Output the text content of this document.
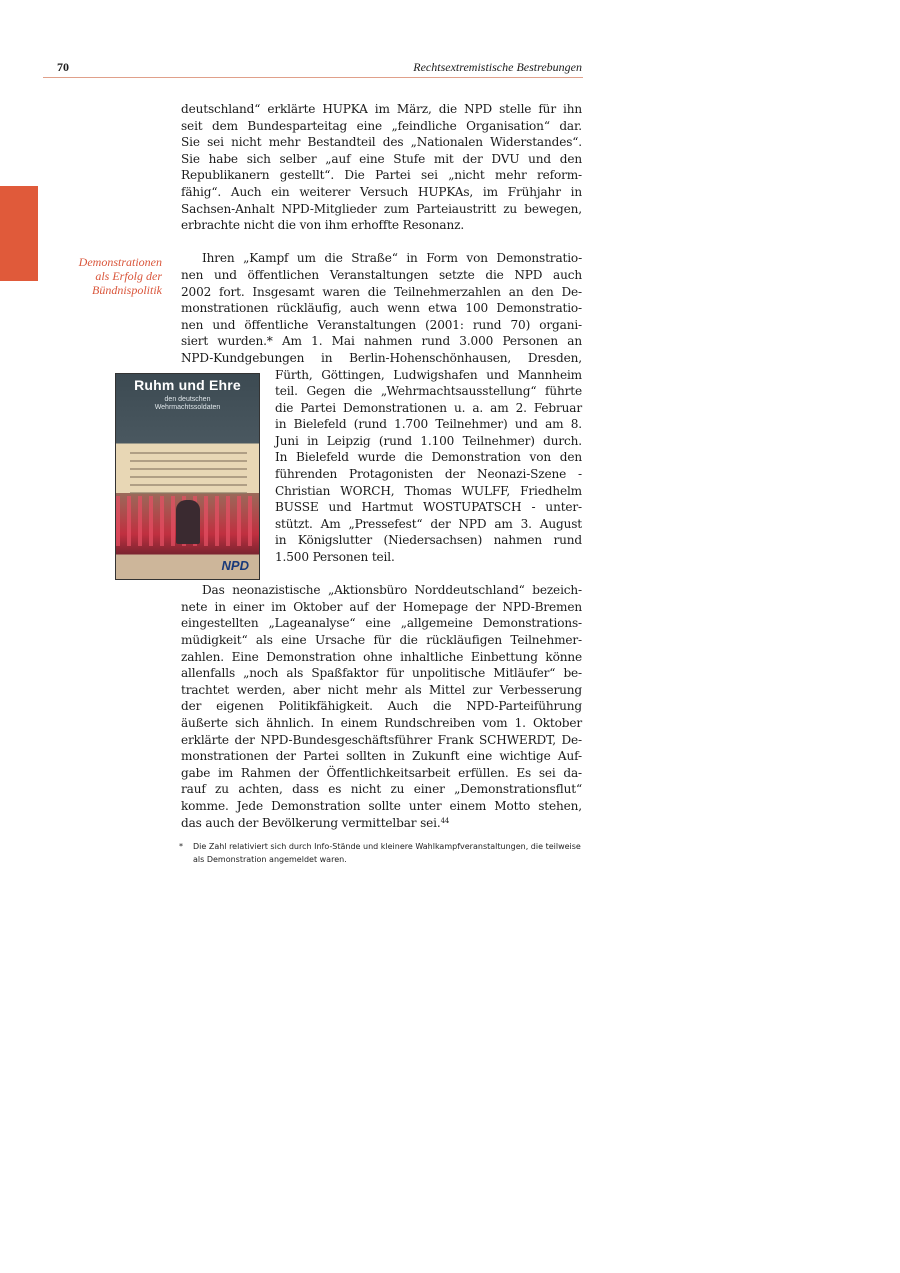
70	Rechtsextremistische Bestrebungen
Demonstrationen
als Erfolg der
Bündnispolitik
Ruhm und Ehre
den deutschen
Wehrmachtssoldaten
NPD
deutschland“ erklärte HUPKA im März, die NPD stelle für ihn
seit dem Bundesparteitag eine „feindliche Organisation“ dar.
Sie sei nicht mehr Bestandteil des „Nationalen Widerstandes“.
Sie habe sich selber „auf eine Stufe mit der DVU und den
Republikanern gestellt“. Die Partei sei „nicht mehr reform-
fähig“. Auch ein weiterer Versuch HUPKAs, im Frühjahr in
Sachsen-Anhalt NPD-Mitglieder zum Parteiaustritt zu bewegen,
erbrachte nicht die von ihm erhoffte Resonanz.
Ihren „Kampf um die Straße“ in Form von Demonstratio-
nen und öffentlichen Veranstaltungen setzte die NPD auch
2002 fort. Insgesamt waren die Teilnehmerzahlen an den De-
monstrationen rückläufig, auch wenn etwa 100 Demonstratio-
nen und öffentliche Veranstaltungen (2001: rund 70) organi-
siert wurden.* Am 1. Mai nahmen rund 3.000 Personen an
NPD-Kundgebungen in Berlin-Hohenschönhausen, Dresden,
Fürth, Göttingen, Ludwigshafen und Mannheim
teil. Gegen die „Wehrmachtsausstellung“ führte
die Partei Demonstrationen u. a. am 2. Februar
in Bielefeld (rund 1.700 Teilnehmer) und am 8.
Juni in Leipzig (rund 1.100 Teilnehmer) durch.
In Bielefeld wurde die Demonstration von den
führenden Protagonisten der Neonazi-Szene -
Christian WORCH, Thomas WULFF, Friedhelm
BUSSE und Hartmut WOSTUPATSCH - unter-
stützt. Am „Pressefest“ der NPD am 3. August
in Königslutter (Niedersachsen) nahmen rund
1.500 Personen teil.
Das neonazistische „Aktionsbüro Norddeutschland“ bezeich-
nete in einer im Oktober auf der Homepage der NPD-Bremen
eingestellten „Lageanalyse“ eine „allgemeine Demonstrations-
müdigkeit“ als eine Ursache für die rückläufigen Teilnehmer-
zahlen. Eine Demonstration ohne inhaltliche Einbettung könne
allenfalls „noch als Spaßfaktor für unpolitische Mitläufer“ be-
trachtet werden, aber nicht mehr als Mittel zur Verbesserung
der eigenen Politikfähigkeit. Auch die NPD-Parteiführung
äußerte sich ähnlich. In einem Rundschreiben vom 1. Oktober
erklärte der NPD-Bundesgeschäftsführer Frank SCHWERDT, De-
monstrationen der Partei sollten in Zukunft eine wichtige Auf-
gabe im Rahmen der Öffentlichkeitsarbeit erfüllen. Es sei da-
rauf zu achten, dass es nicht zu einer „Demonstrationsflut“
komme. Jede Demonstration sollte unter einem Motto stehen,
das auch der Bevölkerung vermittelbar sei.$^{44}$
*	Die Zahl relativiert sich durch Info-Stände und kleinere Wahlkampfveranstaltungen, die teilweise als Demonstration angemeldet waren.
